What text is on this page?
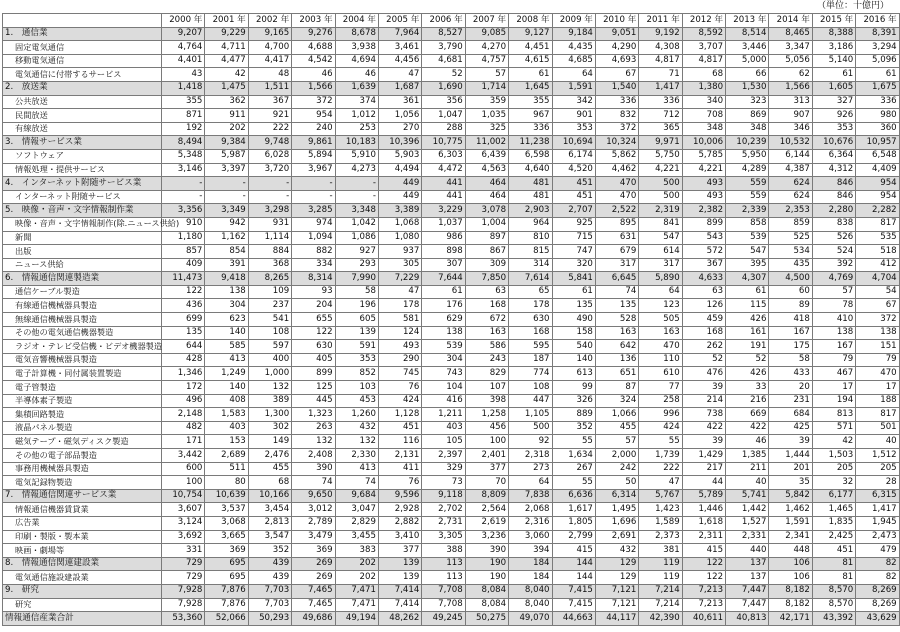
（単位：十億円）
	2000 年	2001 年	2002 年	2003 年	2004 年	2005 年	2006 年	2007 年	2008 年	2009 年	2010 年	2011 年	2012 年	2013 年	2014 年	2015 年	2016 年
1.　通信業	9,207	9,229	9,165	9,276	8,678	7,964	8,527	9,085	9,127	9,184	9,051	9,192	8,592	8,514	8,465	8,388	8,391
固定電気通信	4,764	4,711	4,700	4,688	3,938	3,461	3,790	4,270	4,451	4,435	4,290	4,308	3,707	3,446	3,347	3,186	3,294
移動電気通信	4,401	4,477	4,417	4,542	4,694	4,456	4,681	4,757	4,615	4,685	4,693	4,817	4,817	5,000	5,056	5,140	5,096
電気通信に付帯するサービス	43	42	48	46	46	47	52	57	61	64	67	71	68	66	62	61	61
2.　放送業	1,418	1,475	1,511	1,566	1,639	1,687	1,690	1,714	1,645	1,591	1,540	1,417	1,380	1,530	1,566	1,605	1,675
公共放送	355	362	367	372	374	361	356	359	355	342	336	336	340	323	313	327	336
民間放送	871	911	921	954	1,012	1,056	1,047	1,035	967	901	832	712	708	869	907	926	980
有線放送	192	202	222	240	253	270	288	325	336	353	372	365	348	348	346	353	360
3.　情報サービス業	8,494	9,384	9,748	9,861	10,183	10,396	10,775	11,002	11,238	10,694	10,324	9,971	10,006	10,239	10,532	10,676	10,957
ソフトウェア	5,348	5,987	6,028	5,894	5,910	5,903	6,303	6,439	6,598	6,174	5,862	5,750	5,785	5,950	6,144	6,364	6,548
情報処理・提供サービス	3,146	3,397	3,720	3,967	4,273	4,494	4,472	4,563	4,640	4,520	4,462	4,221	4,221	4,289	4,387	4,312	4,409
4.　インターネット附随サービス業	-	-	-	-	-	449	441	464	481	451	470	500	493	559	624	846	954
インターネット附随サービス	-	-	-	-	-	449	441	464	481	451	470	500	493	559	624	846	954
5.　映像・音声・文字情報制作業	3,356	3,349	3,298	3,285	3,348	3,389	3,229	3,078	2,903	2,707	2,522	2,319	2,382	2,339	2,353	2,280	2,282
映像・音声・文字情報制作(除.ニュース供給)	910	942	931	974	1,042	1,068	1,037	1,004	964	925	895	841	899	858	859	838	817
新聞	1,180	1,162	1,114	1,094	1,086	1,080	986	897	810	715	631	547	543	539	525	526	535
出版	857	854	884	882	927	937	898	867	815	747	679	614	572	547	534	524	518
ニュース供給	409	391	368	334	293	305	307	309	314	320	317	317	367	395	435	392	412
6.　情報通信関連製造業	11,473	9,418	8,265	8,314	7,990	7,229	7,644	7,850	7,614	5,841	6,645	5,890	4,633	4,307	4,500	4,769	4,704
通信ケーブル製造	122	138	109	93	58	47	61	63	65	61	74	64	63	61	60	57	54
有線通信機械器具製造	436	304	237	204	196	178	176	168	178	135	135	123	126	115	89	78	67
無線通信機械器具製造	699	623	541	655	605	581	629	672	630	490	528	505	459	426	418	410	372
その他の電気通信機器製造	135	140	108	122	139	124	138	163	168	158	163	163	168	161	167	138	138
ラジオ・テレビ受信機・ビデオ機器製造	644	585	597	630	591	493	539	586	595	540	642	470	262	191	175	167	151
電気音響機械器具製造	428	413	400	405	353	290	304	243	187	140	136	110	52	52	58	79	79
電子計算機・同付属装置製造	1,346	1,249	1,000	899	852	745	743	829	774	613	651	610	476	426	433	467	470
電子管製造	172	140	132	125	103	76	104	107	108	99	87	77	39	33	20	17	17
半導体素子製造	496	408	389	445	453	424	416	398	447	326	324	258	214	216	231	194	188
集積回路製造	2,148	1,583	1,300	1,323	1,260	1,128	1,211	1,258	1,105	889	1,066	996	738	669	684	813	817
液晶パネル製造	482	403	302	263	432	451	403	456	500	352	455	424	422	422	425	571	501
磁気テープ・磁気ディスク製造	171	153	149	132	132	116	105	100	92	55	57	55	39	46	39	42	40
その他の電子部品製造	3,442	2,689	2,476	2,408	2,330	2,131	2,397	2,401	2,318	1,634	2,000	1,739	1,429	1,385	1,444	1,503	1,512
事務用機械器具製造	600	511	455	390	413	411	329	377	273	267	242	222	217	211	201	205	205
電気記録物製造	100	80	68	74	74	76	73	70	64	55	50	47	44	40	35	32	28
7.　情報通信関連サービス業	10,754	10,639	10,166	9,650	9,684	9,596	9,118	8,809	7,838	6,636	6,314	5,767	5,789	5,741	5,842	6,177	6,315
情報通信機器賃貸業	3,607	3,537	3,454	3,012	3,047	2,928	2,702	2,564	2,068	1,617	1,495	1,423	1,446	1,442	1,462	1,465	1,417
広告業	3,124	3,068	2,813	2,789	2,829	2,882	2,731	2,619	2,316	1,805	1,696	1,589	1,618	1,527	1,591	1,835	1,945
印刷・製版・製本業	3,692	3,665	3,547	3,479	3,455	3,410	3,305	3,236	3,060	2,799	2,691	2,373	2,311	2,331	2,341	2,425	2,473
映画・劇場等	331	369	352	369	383	377	388	390	394	415	432	381	415	440	448	451	479
8.　情報通信関連建設業	729	695	439	269	202	139	113	190	184	144	129	119	122	137	106	81	82
電気通信施設建設業	729	695	439	269	202	139	113	190	184	144	129	119	122	137	106	81	82
9.　研究	7,928	7,876	7,703	7,465	7,471	7,414	7,708	8,084	8,040	7,415	7,121	7,214	7,213	7,447	8,182	8,570	8,269
研究	7,928	7,876	7,703	7,465	7,471	7,414	7,708	8,084	8,040	7,415	7,121	7,214	7,213	7,447	8,182	8,570	8,269
情報通信産業合計	53,360	52,066	50,293	49,686	49,194	48,262	49,245	50,275	49,070	44,663	44,117	42,390	40,611	40,813	42,171	43,392	43,629
